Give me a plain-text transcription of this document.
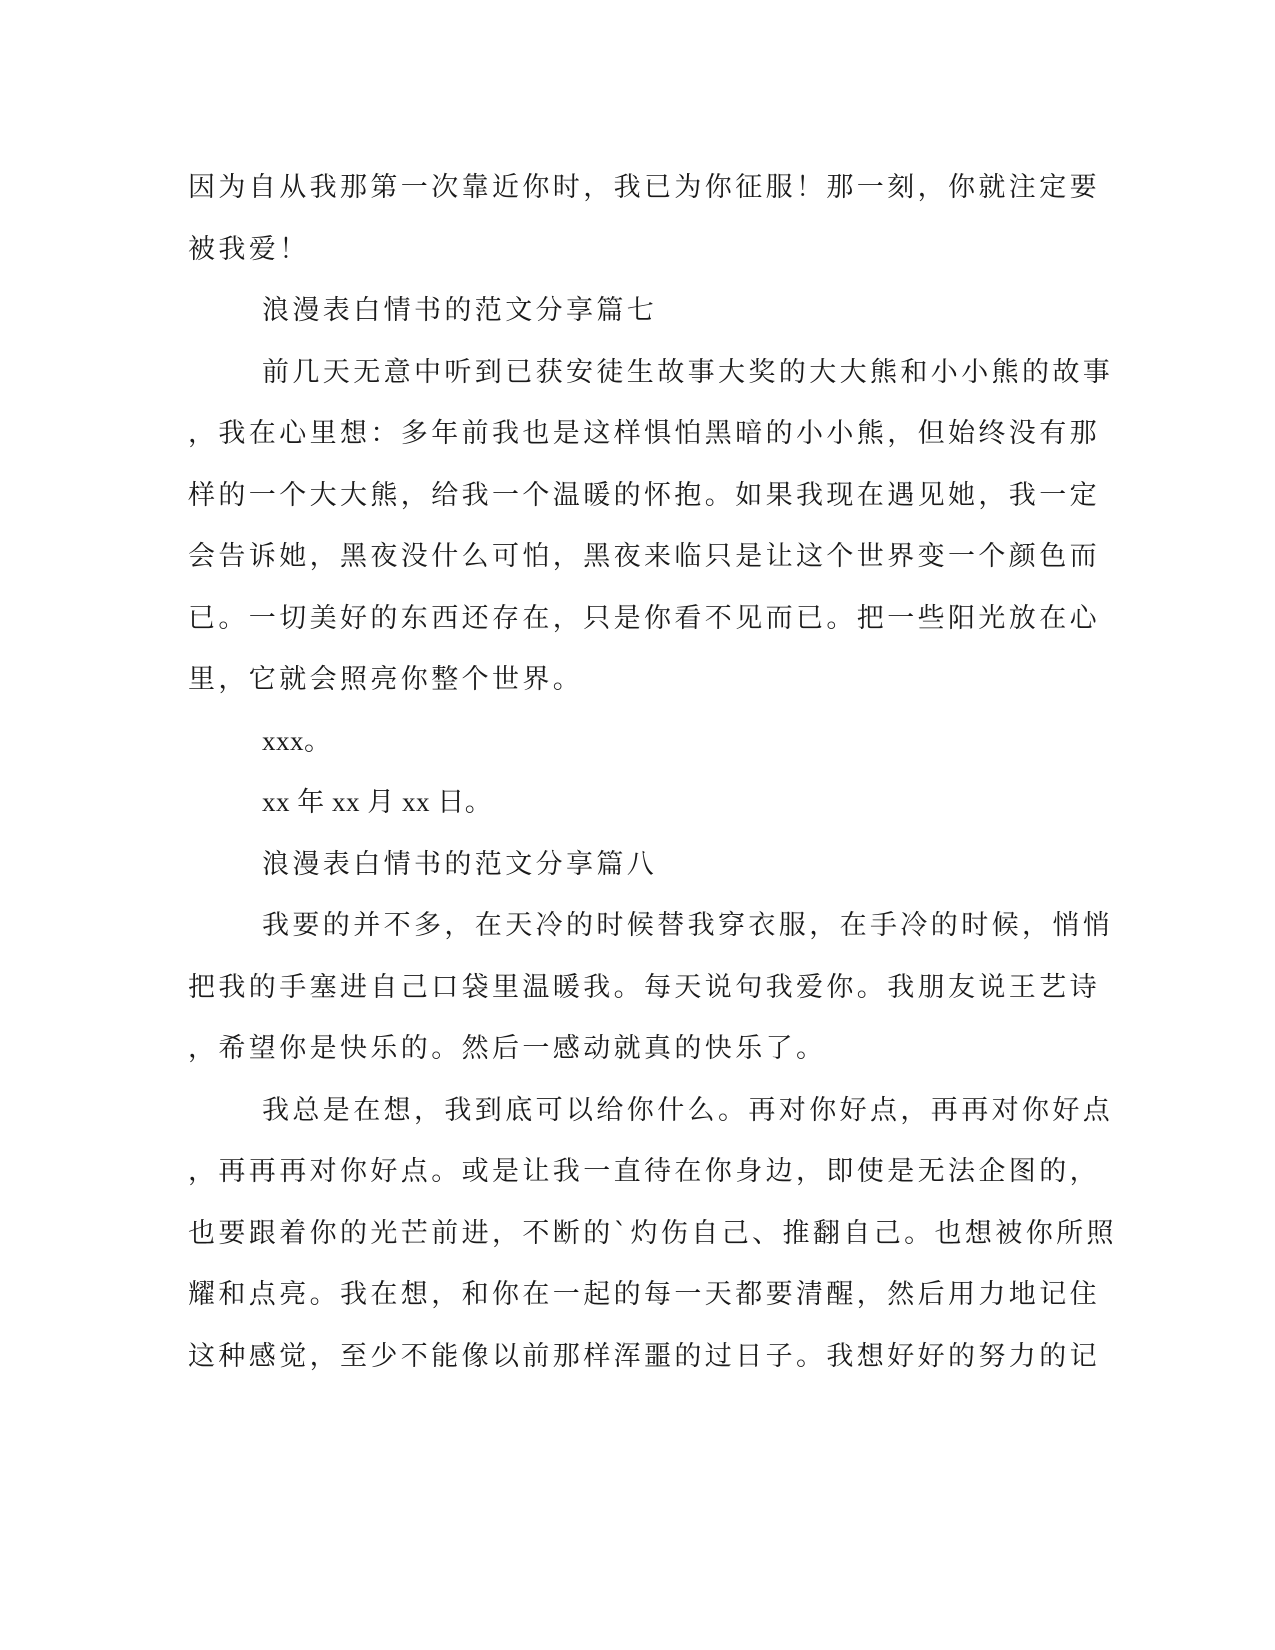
因为自从我那第一次靠近你时，我已为你征服！那一刻，你就注定要
被我爱！
浪漫表白情书的范文分享篇七
前几天无意中听到已获安徒生故事大奖的大大熊和小小熊的故事
，我在心里想：多年前我也是这样惧怕黑暗的小小熊，但始终没有那
样的一个大大熊，给我一个温暖的怀抱。如果我现在遇见她，我一定
会告诉她，黑夜没什么可怕，黑夜来临只是让这个世界变一个颜色而
已。一切美好的东西还存在，只是你看不见而已。把一些阳光放在心
里，它就会照亮你整个世界。
xxx。
xx 年 xx 月 xx 日。
浪漫表白情书的范文分享篇八
我要的并不多，在天冷的时候替我穿衣服，在手冷的时候，悄悄
把我的手塞进自己口袋里温暖我。每天说句我爱你。我朋友说王艺诗
，希望你是快乐的。然后一感动就真的快乐了。
我总是在想，我到底可以给你什么。再对你好点，再再对你好点
，再再再对你好点。或是让我一直待在你身边，即使是无法企图的，
也要跟着你的光芒前进，不断的`灼伤自己、推翻自己。也想被你所照
耀和点亮。我在想，和你在一起的每一天都要清醒，然后用力地记住
这种感觉，至少不能像以前那样浑噩的过日子。我想好好的努力的记
